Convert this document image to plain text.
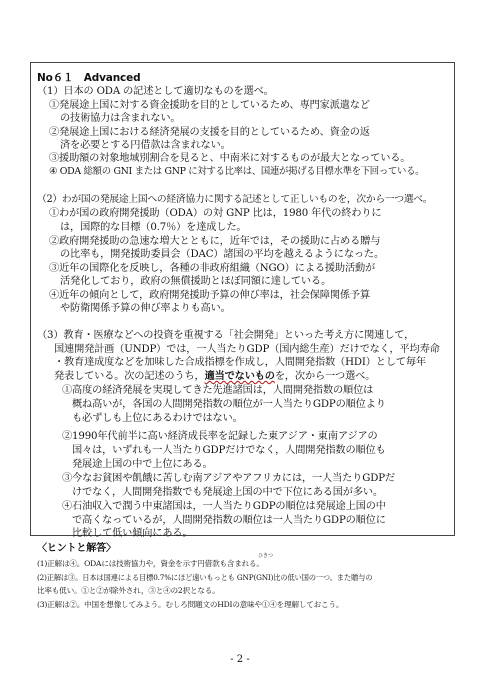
No６１　Advanced
（1）日本の ODA の記述として適切なものを選べ。
①発展途上国に対する資金援助を目的としているため、専門家派遣など
の技術協力は含まれない。
②発展途上国における経済発展の支援を目的としているため、資金の返
済を必要とする円借款は含まれない。
③援助額の対象地域別割合を見ると、中南米に対するものが最大となっている。
④ ODA 総額の GNI または GNP に対する比率は、国連が掲げる目標水準を下回っている。
（2）わが国の発展途上国への経済協力に関する記述として正しいものを，次から一つ選べ。
①わが国の政府開発援助（ODA）の対 GNP 比は，1980 年代の終わりに
は，国際的な目標（0.7％）を達成した。
②政府開発援助の急速な増大とともに，近年では，その援助に占める贈与
の比率も，開発援助委員会（DAC）諸国の平均を越えるようになった。
③近年の国際化を反映し，各種の非政府組織（NGO）による援助活動が
活発化しており，政府の無償援助とほぼ同額に達している。
④近年の傾向として，政府開発援助予算の伸び率は，社会保障関係予算
や防衛関係予算の伸び率よりも高い。
（3）教育・医療などへの投資を重視する「社会開発」といった考え方に関連して，
国連開発計画（UNDP）では，一人当たりGDP（国内総生産）だけでなく，平均寿命
・教育達成度などを加味した合成指標を作成し，人間開発指数（HDI）として毎年
発表している。次の記述のうち，適当でないものを，次から一つ選べ。
①高度の経済発展を実現してきた先進諸国は，人間開発指数の順位は
概ね高いが，各国の人間開発指数の順位が一人当たりGDPの順位より
も必ずしも上位にあるわけではない。
②1990年代前半に高い経済成長率を記録した東アジア・東南アジアの
国々は，いずれも一人当たりGDPだけでなく，人間開発指数の順位も
発展途上国の中で上位にある。
③今なお貧困や飢餓に苦しむ南アジアやアフリカには，一人当たりGDPだ
けでなく，人間開発指数でも発展途上国の中で下位にある国が多い。
④石油収入で潤う中東諸国は，一人当たりGDPの順位は発展途上国の中
で高くなっているが，人間開発指数の順位は一人当たりGDPの順位に
比較して低い傾向にある。
〈ヒントと解答〉
ひきつ
(1)正解は④。ODAには技術協力や，資金を示す円借款も含まれる。
(2)正解は③。日本は国連による目標0.7%にほど遠いもっとも GNP(GNI)比の低い国の一つ。また贈与の
比率も低い。①と②が除外され，③と④の2択となる。
(3)正解は②。中国を想像してみよう。むしろ問題文のHDIの意味や①④を理解しておこう。
- 2 -
